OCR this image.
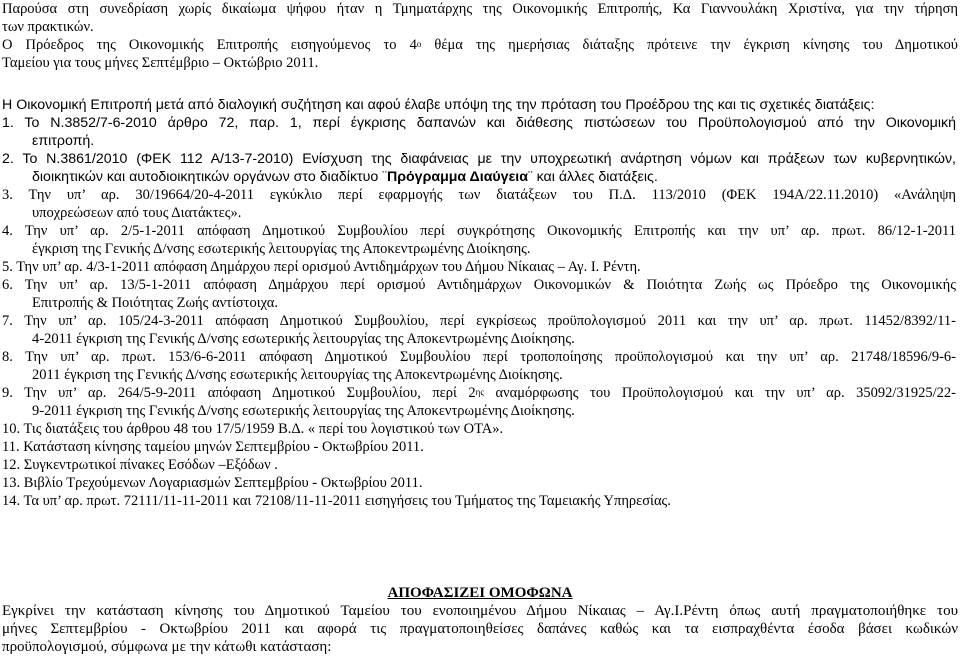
Παρούσα στη συνεδρίαση χωρίς δικαίωμα ψήφου ήταν η Τμηματάρχης της Οικονομικής Επιτροπής, Κα Γιαννουλάκη Χριστίνα, για την τήρηση
των πρακτικών.
Ο Πρόεδρος της Οικονομικής Επιτροπής εισηγούμενος το $4^o$ θέμα της ημερήσιας διάταξης πρότεινε την έγκριση κίνησης του Δημοτικού
Ταμείου για τους μήνες Σεπτέμβριο – Οκτώβριο 2011.
Η Οικονομική Επιτροπή μετά από διαλογική συζήτηση και αφού έλαβε υπόψη της την πρόταση του Προέδρου της και τις σχετικές διατάξεις:
1. Το Ν.3852/7-6-2010 άρθρο 72, παρ. 1, περί έγκρισης δαπανών και διάθεσης πιστώσεων του Προϋπολογισμού από την Οικονομική
επιτροπή.
2. Το Ν.3861/2010 (ΦΕΚ 112 Α/13-7-2010) Ενίσχυση της διαφάνειας με την υποχρεωτική ανάρτηση νόμων και πράξεων των κυβερνητικών,
διοικητικών και αυτοδιοικητικών οργάνων στο διαδίκτυο ¨Πρόγραμμα Διαύγεια¨ και άλλες διατάξεις.
3. Την υπ’ αρ. 30/19664/20-4-2011 εγκύκλιο περί εφαρμογής των διατάξεων του Π.Δ. 113/2010 (ΦΕΚ 194Α/22.11.2010) «Ανάληψη
υποχρεώσεων από τους Διατάκτες».
4. Την υπ’ αρ. 2/5-1-2011 απόφαση Δημοτικού Συμβουλίου περί συγκρότησης Οικονομικής Επιτροπής και την υπ’ αρ. πρωτ. 86/12-1-2011
έγκριση της Γενικής Δ/νσης εσωτερικής λειτουργίας της Αποκεντρωμένης Διοίκησης.
5. Την υπ’ αρ. 4/3-1-2011 απόφαση Δημάρχου περί ορισμού Αντιδημάρχων του Δήμου Νίκαιας – Αγ. Ι. Ρέντη.
6. Την υπ’ αρ. 13/5-1-2011 απόφαση Δημάρχου περί ορισμού Αντιδημάρχων Οικονομικών & Ποιότητα Ζωής ως Πρόεδρο της Οικονομικής
Επιτροπής & Ποιότητας Ζωής αντίστοιχα.
7. Την υπ’ αρ. 105/24-3-2011 απόφαση Δημοτικού Συμβουλίου, περί εγκρίσεως προϋπολογισμού 2011 και την υπ’ αρ. πρωτ. 11452/8392/11-
4-2011 έγκριση της Γενικής Δ/νσης εσωτερικής λειτουργίας της Αποκεντρωμένης Διοίκησης.
8. Την υπ’ αρ. πρωτ. 153/6-6-2011 απόφαση Δημοτικού Συμβουλίου περί τροποποίησης προϋπολογισμού και την υπ’ αρ. 21748/18596/9-6-
2011 έγκριση της Γενικής Δ/νσης εσωτερικής λειτουργίας της Αποκεντρωμένης Διοίκησης.
9. Την υπ’ αρ. 264/5-9-2011 απόφαση Δημοτικού Συμβουλίου, περί $2^{\eta\varsigma}$ αναμόρφωσης του Προϋπολογισμού και την υπ’ αρ. 35092/31925/22-
9-2011 έγκριση της Γενικής Δ/νσης εσωτερικής λειτουργίας της Αποκεντρωμένης Διοίκησης.
10. Τις διατάξεις του άρθρου 48 του 17/5/1959 Β.Δ. « περί του λογιστικού των ΟΤΑ».
11. Κατάσταση κίνησης ταμείου μηνών Σεπτεμβρίου - Οκτωβρίου 2011.
12. Συγκεντρωτικοί πίνακες Εσόδων –Εξόδων .
13. Βιβλίο Τρεχούμενων Λογαριασμών Σεπτεμβρίου - Οκτωβρίου 2011.
14. Τα υπ’ αρ. πρωτ. 72111/11-11-2011 και 72108/11-11-2011 εισηγήσεις του Τμήματος της Ταμειακής Υπηρεσίας.
ΑΠΟΦΑΣΙΖΕΙ ΟΜΟΦΩΝΑ
Εγκρίνει την κατάσταση κίνησης του Δημοτικού Ταμείου του ενοποιημένου Δήμου Νίκαιας – Αγ.Ι.Ρέντη όπως αυτή πραγματοποιήθηκε του
μήνες Σεπτεμβρίου - Οκτωβρίου 2011 και αφορά τις πραγματοποιηθείσες δαπάνες καθώς και τα εισπραχθέντα έσοδα βάσει κωδικών
προϋπολογισμού, σύμφωνα με την κάτωθι κατάσταση:
